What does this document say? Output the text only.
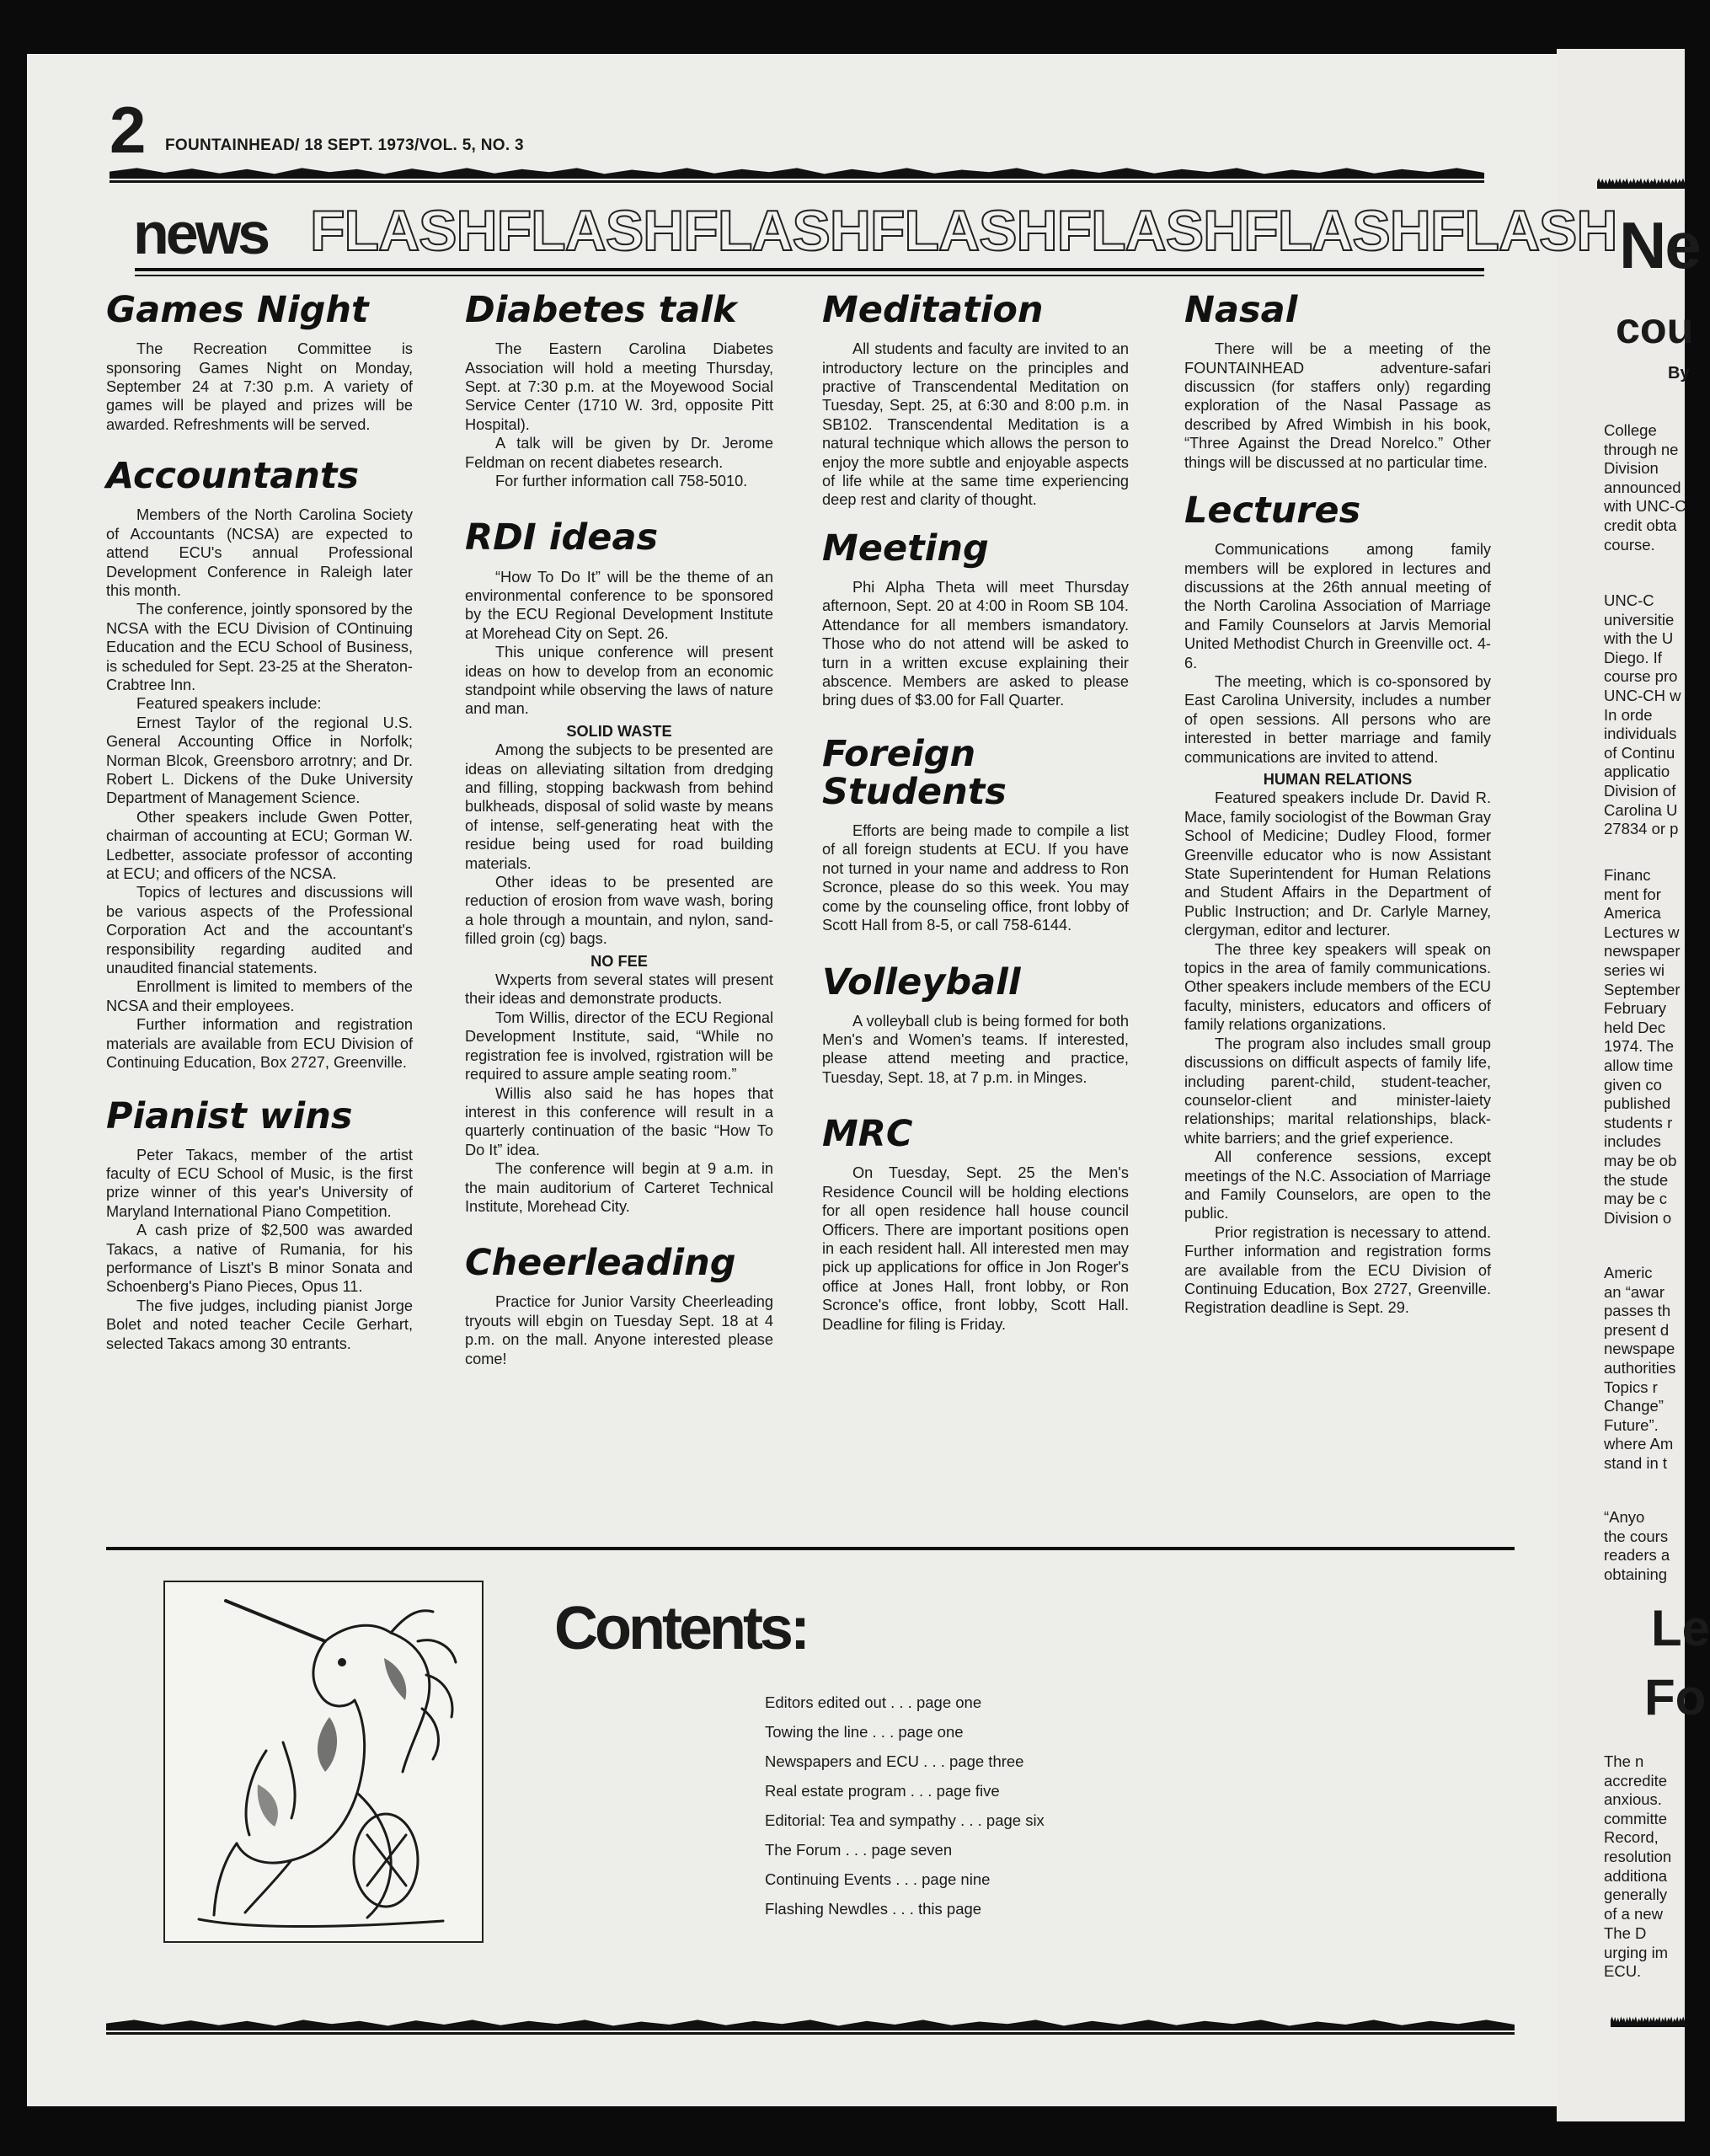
2 FOUNTAINHEAD/ 18 SEPT. 1973/VOL. 5, NO. 3
news FLASHFLASHFLASHFLASHFLASHFLASHFLASH
Games Night

The Recreation Committee is sponsoring Games Night on Monday, September 24 at 7:30 p.m. A variety of games will be played and prizes will be awarded. Refreshments will be served.

Accountants

Members of the North Carolina Society of Accountants (NCSA) are expected to attend ECU's annual Professional Development Conference in Raleigh later this month.

The conference, jointly sponsored by the NCSA with the ECU Division of COntinuing Education and the ECU School of Business, is scheduled for Sept. 23-25 at the Sheraton-Crabtree Inn.

Featured speakers include:

Ernest Taylor of the regional U.S. General Accounting Office in Norfolk; Norman Blcok, Greensboro arrotnry; and Dr. Robert L. Dickens of the Duke University Department of Management Science.

Other speakers include Gwen Potter, chairman of accounting at ECU; Gorman W. Ledbetter, associate professor of acconting at ECU; and officers of the NCSA.

Topics of lectures and discussions will be various aspects of the Professional Corporation Act and the accountant's responsibility regarding audited and unaudited financial statements.

Enrollment is limited to members of the NCSA and their employees.

Further information and registration materials are available from ECU Division of Continuing Education, Box 2727, Greenville.

Pianist wins

Peter Takacs, member of the artist faculty of ECU School of Music, is the first prize winner of this year's University of Maryland International Piano Competition.

A cash prize of $2,500 was awarded Takacs, a native of Rumania, for his performance of Liszt's B minor Sonata and Schoenberg's Piano Pieces, Opus 11.

The five judges, including pianist Jorge Bolet and noted teacher Cecile Gerhart, selected Takacs among 30 entrants.

Diabetes talk

The Eastern Carolina Diabetes Association will hold a meeting Thursday, Sept. at 7:30 p.m. at the Moyewood Social Service Center (1710 W. 3rd, opposite Pitt Hospital).

A talk will be given by Dr. Jerome Feldman on recent diabetes research.

For further information call 758-5010.

RDI ideas

“How To Do It” will be the theme of an environmental conference to be sponsored by the ECU Regional Development Institute at Morehead City on Sept. 26.

This unique conference will present ideas on how to develop from an economic standpoint while observing the laws of nature and man.

SOLID WASTE

Among the subjects to be presented are ideas on alleviating siltation from dredging and filling, stopping backwash from behind bulkheads, disposal of solid waste by means of intense, self-generating heat with the residue being used for road building materials.

Other ideas to be presented are reduction of erosion from wave wash, boring a hole through a mountain, and nylon, sand-filled groin (cg) bags.

NO FEE

Wxperts from several states will present their ideas and demonstrate products.

Tom Willis, director of the ECU Regional Development Institute, said, “While no registration fee is involved, rgistration will be required to assure ample seating room.”

Willis also said he has hopes that interest in this conference will result in a quarterly continuation of the basic “How To Do It” idea.

The conference will begin at 9 a.m. in the main auditorium of Carteret Technical Institute, Morehead City.

Cheerleading

Practice for Junior Varsity Cheerleading tryouts will ebgin on Tuesday Sept. 18 at 4 p.m. on the mall. Anyone interested please come!

Meditation

All students and faculty are invited to an introductory lecture on the principles and practive of Transcendental Meditation on Tuesday, Sept. 25, at 6:30 and 8:00 p.m. in SB102. Transcendental Meditation is a natural technique which allows the person to enjoy the more subtle and enjoyable aspects of life while at the same time experiencing deep rest and clarity of thought.

Meeting

Phi Alpha Theta will meet Thursday afternoon, Sept. 20 at 4:00 in Room SB 104. Attendance for all members ismandatory. Those who do not attend will be asked to turn in a written excuse explaining their abscence. Members are asked to please bring dues of $3.00 for Fall Quarter.

Foreign Students

Efforts are being made to compile a list of all foreign students at ECU. If you have not turned in your name and address to Ron Scronce, please do so this week. You may come by the counseling office, front lobby of Scott Hall from 8-5, or call 758-6144.

Volleyball

A volleyball club is being formed for both Men's and Women's teams. If interested, please attend meeting and practice, Tuesday, Sept. 18, at 7 p.m. in Minges.

MRC

On Tuesday, Sept. 25 the Men's Residence Council will be holding elections for all open residence hall house council Officers. There are important positions open in each resident hall. All interested men may pick up applications for office in Jon Roger's office at Jones Hall, front lobby, or Ron Scronce's office, front lobby, Scott Hall. Deadline for filing is Friday.

Nasal

There will be a meeting of the FOUNTAINHEAD adventure-safari discussicn (for staffers only) regarding exploration of the Nasal Passage as described by Afred Wimbish in his book, “Three Against the Dread Norelco.” Other things will be discussed at no particular time.

Lectures

Communications among family members will be explored in lectures and discussions at the 26th annual meeting of the North Carolina Association of Marriage and Family Counselors at Jarvis Memorial United Methodist Church in Greenville oct. 4-6.

The meeting, which is co-sponsored by East Carolina University, includes a number of open sessions. All persons who are interested in better marriage and family communications are invited to attend.

HUMAN RELATIONS

Featured speakers include Dr. David R. Mace, family sociologist of the Bowman Gray School of Medicine; Dudley Flood, former Greenville educator who is now Assistant State Superintendent for Human Relations and Student Affairs in the Department of Public Instruction; and Dr. Carlyle Marney, clergyman, editor and lecturer.

The three key speakers will speak on topics in the area of family communications. Other speakers include members of the ECU faculty, ministers, educators and officers of family relations organizations.

The program also includes small group discussions on difficult aspects of family life, including parent-child, student-teacher, counselor-client and minister-laiety relationships; marital relationships, black-white barriers; and the grief experience.

All conference sessions, except meetings of the N.C. Association of Marriage and Family Counselors, are open to the public.

Prior registration is necessary to attend. Further information and registration forms are available from the ECU Division of Continuing Education, Box 2727, Greenville. Registration deadline is Sept. 29.

Contents:
Editors edited out . . . page one
Towing the line . . . page one
Newspapers and ECU . . . page three
Real estate program . . . page five
Editorial: Tea and sympathy . . . page six
The Forum . . . page seven
Continuing Events . . . page nine
Flashing Newdles . . . this page
Ne
cou
By
College
through ne
Division
announced
with UNC-C
credit obta
course.
UNC-C
universitie
with the U
Diego. If
course pro
UNC-CH w
In orde
individuals
of Continu
applicatio
Division of
Carolina U
27834 or p
Financ
ment for
America
Lectures w
newspaper
series wi
September
February
held Dec
1974. The
allow time
given co
published
students r
includes
may be ob
the stude
may be c
Division o
Americ
an “awar
passes th
present d
newspape
authorities
Topics r
Change”
Future”.
where Am
stand in t
“Anyo
the cours
readers a
obtaining
Le
Fo
The n
accredite
anxious.
committe
Record,
resolution
additiona
generally
of a new
The D
urging im
ECU.
